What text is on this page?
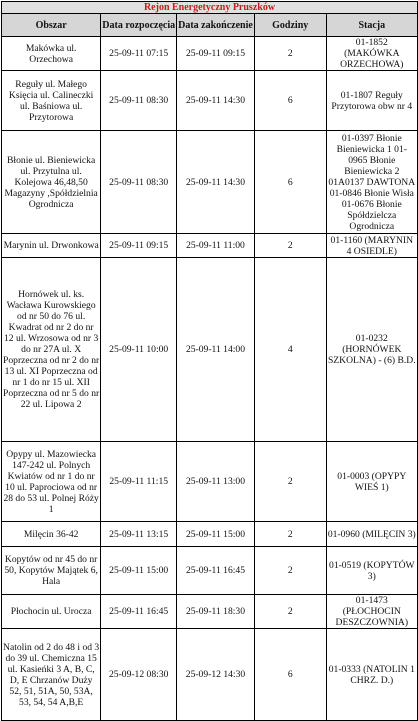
Rejon Energetyczny Pruszków				
Obszar	Data rozpoczęcia	Data zakończenie	Godziny	Stacja
Makówka ul. Orzechowa	25-09-11 07:15	25-09-11 09:15	2	01-1852 (MAKÓWKA ORZECHOWA)
Reguły ul. Małego Księcia ul. Calineczki ul. Baśniowa ul. Przytorowa	25-09-11 08:30	25-09-11 14:30	6	01-1807 Reguły Przytorowa obw nr 4
Błonie ul. Bieniewicka ul. Przytulna ul. Kolejowa 46,48,50 Magazyny ,Spółdzielnia Ogrodnicza	25-09-11 08:30	25-09-11 14:30	6	01-0397 Błonie Bieniewicka 1 01-0965 Błonie Bieniewicka 2 01A0137 DAWTONA 01-0846 Błonie Wisła 01-0676 Błonie Spółdzielcza Ogrodnicza
Marynin ul. Drwonkowa	25-09-11 09:15	25-09-11 11:00	2	01-1160 (MARYNIN 4 OSIEDLE)
Hornówek ul. ks. Wacława Kurowskiego od nr 50 do 76 ul. Kwadrat od nr 2 do nr 12 ul. Wrzosowa od nr 3 do nr 27A ul. X Poprzeczna od nr 2 do nr 13 ul. XI Poprzeczna od nr 1 do nr 15 ul. XII Poprzeczna od nr 5 do nr 22 ul. Lipowa 2	25-09-11 10:00	25-09-11 14:00	4	01-0232 (HORNÓWEK SZKOLNA) - (6) B.D.
Opypy ul. Mazowiecka 147-242 ul. Polnych Kwiatów od nr 1 do nr 10 ul. Paprociowa od nr 28 do 53 ul. Polnej Róży 1	25-09-11 11:15	25-09-11 13:00	2	01-0003 (OPYPY WIEŚ 1)
Milęcin 36-42	25-09-11 13:15	25-09-11 15:00	2	01-0960 (MILĘCIN 3)
Kopytów od nr 45 do nr 50, Kopytów Majątek 6, Hala	25-09-11 15:00	25-09-11 16:45	2	01-0519 (KOPYTÓW 3)
Płochocin ul. Urocza	25-09-11 16:45	25-09-11 18:30	2	01-1473 (PŁOCHOCIN DESZCZOWNIA)
Natolin od 2 do 48 i od 3 do 39 ul. Chemiczna 15 ul. Kasieńki 3 A, B, C, D, E Chrzanów Duży 52, 51, 51A, 50, 53A, 53, 54, 54 A,B,E	25-09-12 08:30	25-09-12 14:30	6	01-0333 (NATOLIN 1 CHRZ. D.)
